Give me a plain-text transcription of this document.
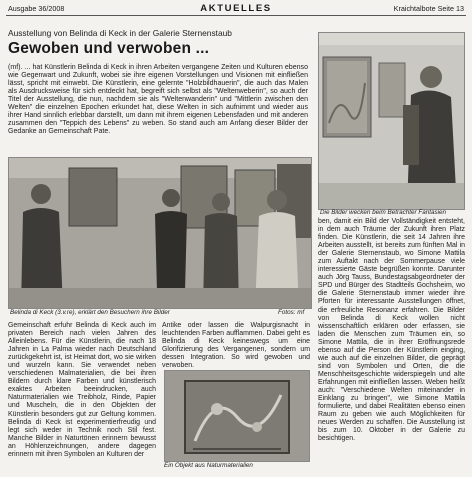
Ausgabe 36/2008	AKTUELLES	Kraichtalbote Seite 13
Ausstellung von Belinda di Keck in der Galerie Sternenstaub
Gewoben und verwoben ...
(mf). ... hat Künstlerin Belinda di Keck in ihren Arbeiten vergangene Zeiten und Kulturen ebenso wie Gegenwart und Zukunft, wobei sie ihre eigenen Vorstellungen und Visionen mit einfließen lässt, spricht mit einwebt. Die Künstlerin, eine gelernte "Holzbildhauerin", die auch das Malen als Ausdrucksweise für sich entdeckt hat, begreift sich selbst als "Weltenweberin", so auch der Titel der Ausstellung, die nun, nachdem sie als "Weltenwanderin" und "Mittlerin zwischen den Welten" die einzelnen Epochen erkundet hat, diese Welten in sich aufnimmt und wieder aus ihrer Hand sinnlich erlebbar darstellt, um dann mit ihrem eigenen Lebensfaden und mit anderen zusammen den "Teppich des Lebens" zu weben. So stand auch am Anfang dieser Bilder der Gedanke an Gemeinschaft Pate.
Die Bilder wecken beim Betrachter Fantasien
Belinda di Keck (3.v.re), erklärt den Besuchern ihre Bilder	Fotos: mf
Gemeinschaft erfuhr Belinda di Keck auch im privaten Bereich nach vielen Jahren des Alleinlebens. Für die Künstlerin, die nach 18 Jahren in La Palma wieder nach Deutschland zurückgekehrt ist, ist Heimat dort, wo sie wirken und wurzeln kann. Sie verwendet neben verschiedenen Malmaterialien, die bei ihren Bildern durch klare Farben und künstlerisch exaktes Arbeiten beeindrucken, auch Naturmaterialien wie Treibholz, Rinde, Papier und Muscheln, die in den Objekten der Künstlerin besonders gut zur Geltung kommen. Belinda di Keck ist experimentierfreudig und legt sich weder in Technik noch Stil fest. Manche Bilder in Naturtönen erinnern bewusst an Höhlenzeichnungen, andere dagegen erinnern mit ihren Symbolen an Kulturen der
Antike oder lassen die Walpurgisnacht in leuchtenden Farben aufflammen. Dabei geht es Belinda di Keck keineswegs um eine Glorifizierung des Vergangenen, sondern um dessen Integration. So wird gewoben und verwoben.
Ein Objekt aus Naturmaterialien
ben, damit ein Bild der Vollständigkeit entsteht, in dem auch Träume der Zukunft ihren Platz finden. Die Künstlerin, die seit 14 Jahren ihre Arbeiten ausstellt, ist bereits zum fünften Mal in der Galerie Sternenstaub, wo Simone Mattila zum Auftakt nach der Sommerpause viele interessierte Gäste begrüßen konnte. Darunter auch Jörg Tauss, Bundestagsabgeordneter der SPD und Bürger des Stadtteils Gochsheim, wo die Galerie Sternenstaub immer wieder ihre Pforten für interessante Ausstellungen öffnet, die erfreuliche Resonanz erfahren. Die Bilder von Belinda di Keck wollen nicht wissenschaftlich erklären oder erfassen, sie laden die Menschen zum Träumen ein, so Simone Mattila, die in ihrer Eröffnungsrede ebenso auf die Person der Künstlerin einging, wie auch auf die einzelnen Bilder, die geprägt sind von Symbolen und Orten, die die Menschheitsgeschichte widerspiegeln und alte Erfahrungen mit einfließen lassen. Weben heißt auch: "Verschiedene Welten miteinander in Einklang zu bringen", wie Simone Mattila formulierte, und dabei Realitäten ebenso einen Raum zu geben wie auch Möglichkeiten für neues Werden zu schaffen. Die Ausstellung ist bis zum 10. Oktober in der Galerie zu besichtigen.
